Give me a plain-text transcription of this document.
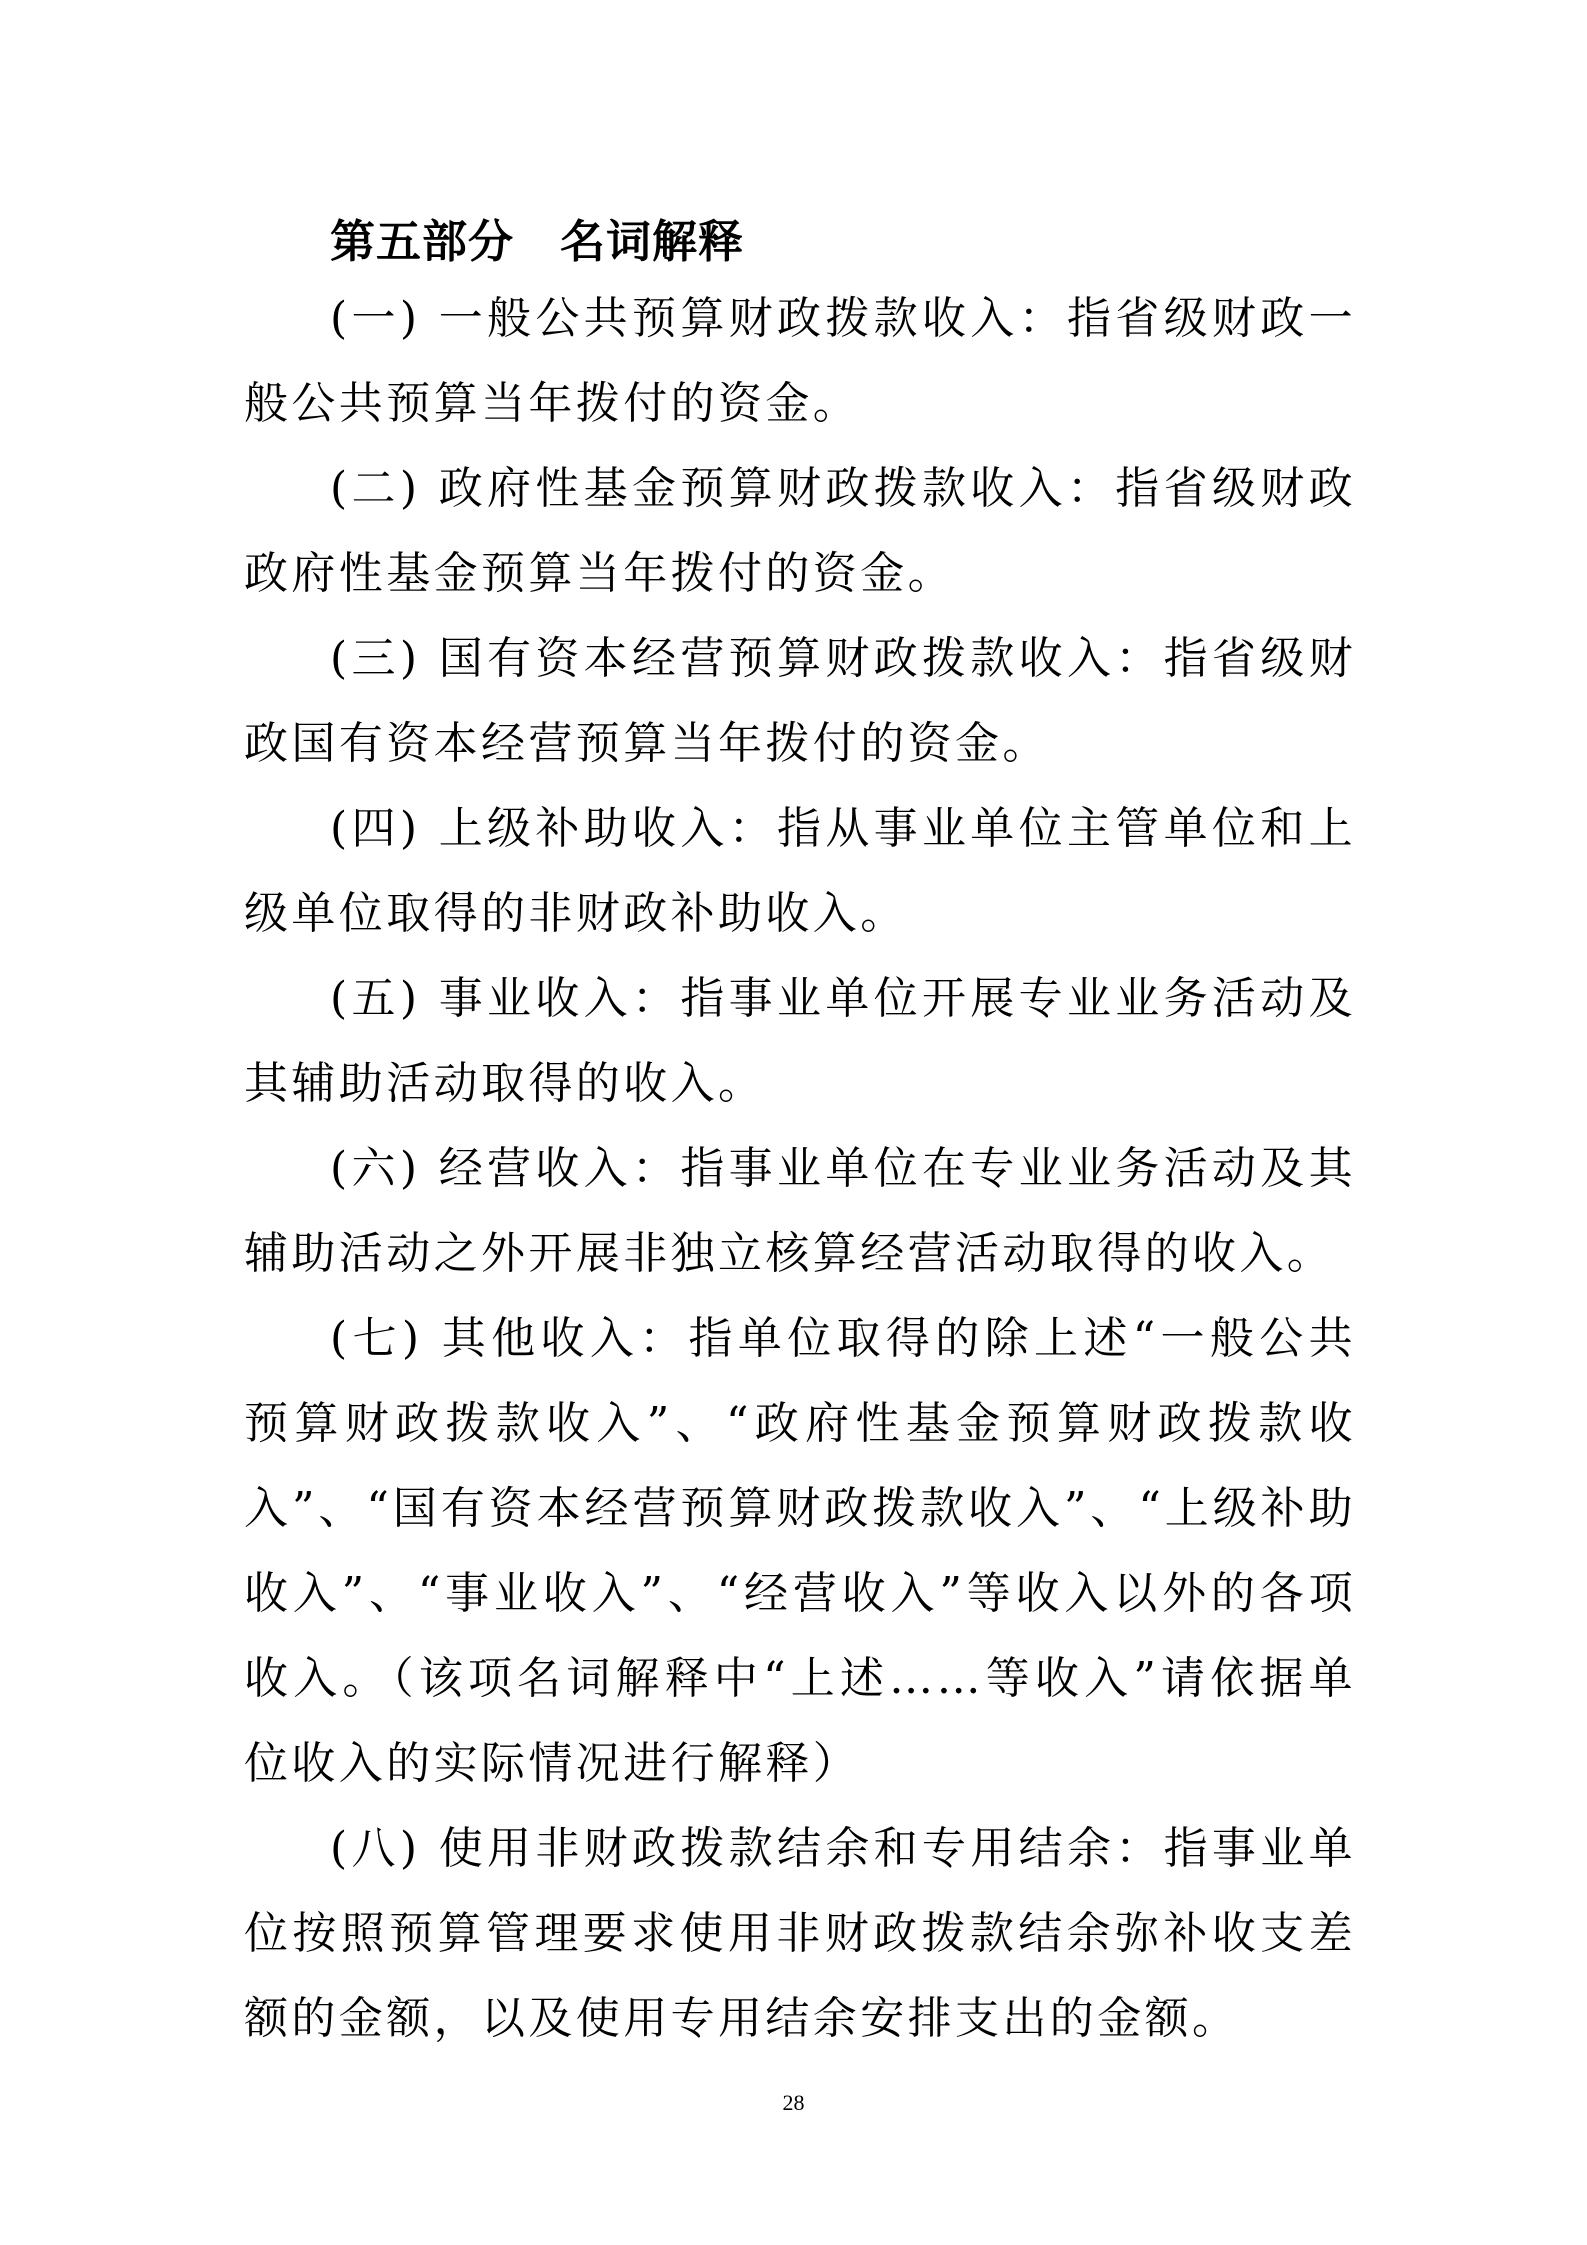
第五部分　名词解释

(一) 一般公共预算财政拨款收入：指省级财政一般公共预算当年拨付的资金。

(二) 政府性基金预算财政拨款收入：指省级财政政府性基金预算当年拨付的资金。

(三) 国有资本经营预算财政拨款收入：指省级财政国有资本经营预算当年拨付的资金。

(四) 上级补助收入：指从事业单位主管单位和上级单位取得的非财政补助收入。

(五) 事业收入：指事业单位开展专业业务活动及其辅助活动取得的收入。

(六) 经营收入：指事业单位在专业业务活动及其辅助活动之外开展非独立核算经营活动取得的收入。

(七) 其他收入：指单位取得的除上述“一般公共预算财政拨款收入”、“政府性基金预算财政拨款收入”、“国有资本经营预算财政拨款收入”、“上级补助收入”、“事业收入”、“经营收入”等收入以外的各项收入。（该项名词解释中“上述……等收入”请依据单位收入的实际情况进行解释）

(八) 使用非财政拨款结余和专用结余：指事业单位按照预算管理要求使用非财政拨款结余弥补收支差额的金额，以及使用专用结余安排支出的金额。

28
